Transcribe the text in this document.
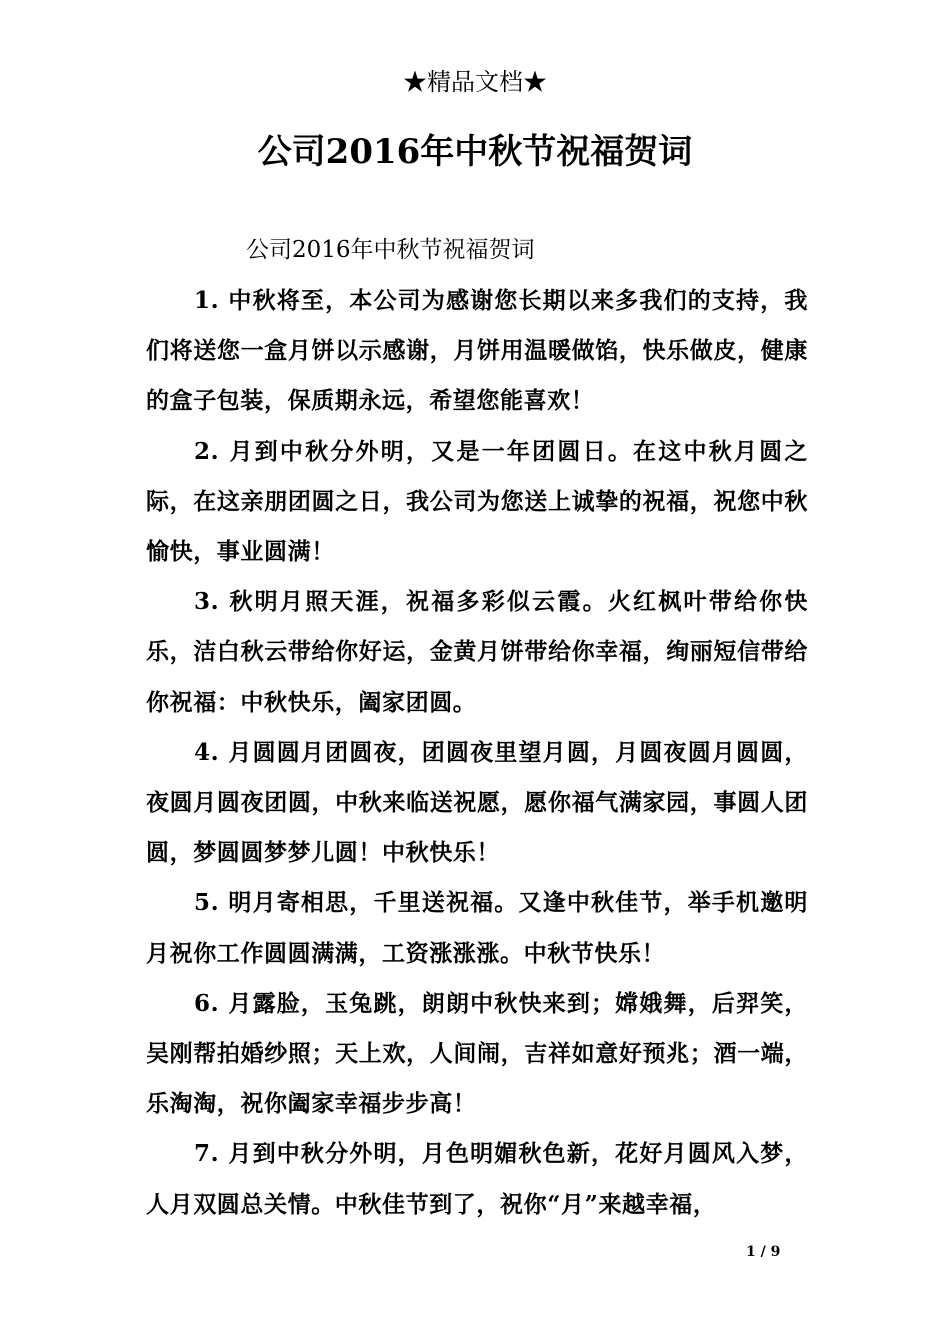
★精品文档★
公司2016年中秋节祝福贺词

公司2016年中秋节祝福贺词

1. 中秋将至，本公司为感谢您长期以来多我们的支持，我们将送您一盒月饼以示感谢，月饼用温暖做馅，快乐做皮，健康的盒子包装，保质期永远，希望您能喜欢！

2. 月到中秋分外明，又是一年团圆日。在这中秋月圆之际，在这亲朋团圆之日，我公司为您送上诚挚的祝福，祝您中秋愉快，事业圆满！

3. 秋明月照天涯，祝福多彩似云霞。火红枫叶带给你快乐，洁白秋云带给你好运，金黄月饼带给你幸福，绚丽短信带给你祝福：中秋快乐，阖家团圆。

4. 月圆圆月团圆夜，团圆夜里望月圆，月圆夜圆月圆圆，夜圆月圆夜团圆，中秋来临送祝愿，愿你福气满家园，事圆人团圆，梦圆圆梦梦儿圆！中秋快乐！

5. 明月寄相思，千里送祝福。又逢中秋佳节，举手机邀明月祝你工作圆圆满满，工资涨涨涨。中秋节快乐！

6. 月露脸，玉兔跳，朗朗中秋快来到；嫦娥舞，后羿笑，吴刚帮拍婚纱照；天上欢，人间闹，吉祥如意好预兆；酒一端，乐淘淘，祝你阖家幸福步步高！

7. 月到中秋分外明，月色明媚秋色新，花好月圆风入梦，人月双圆总关情。中秋佳节到了，祝你“月”来越幸福，

1 / 9
